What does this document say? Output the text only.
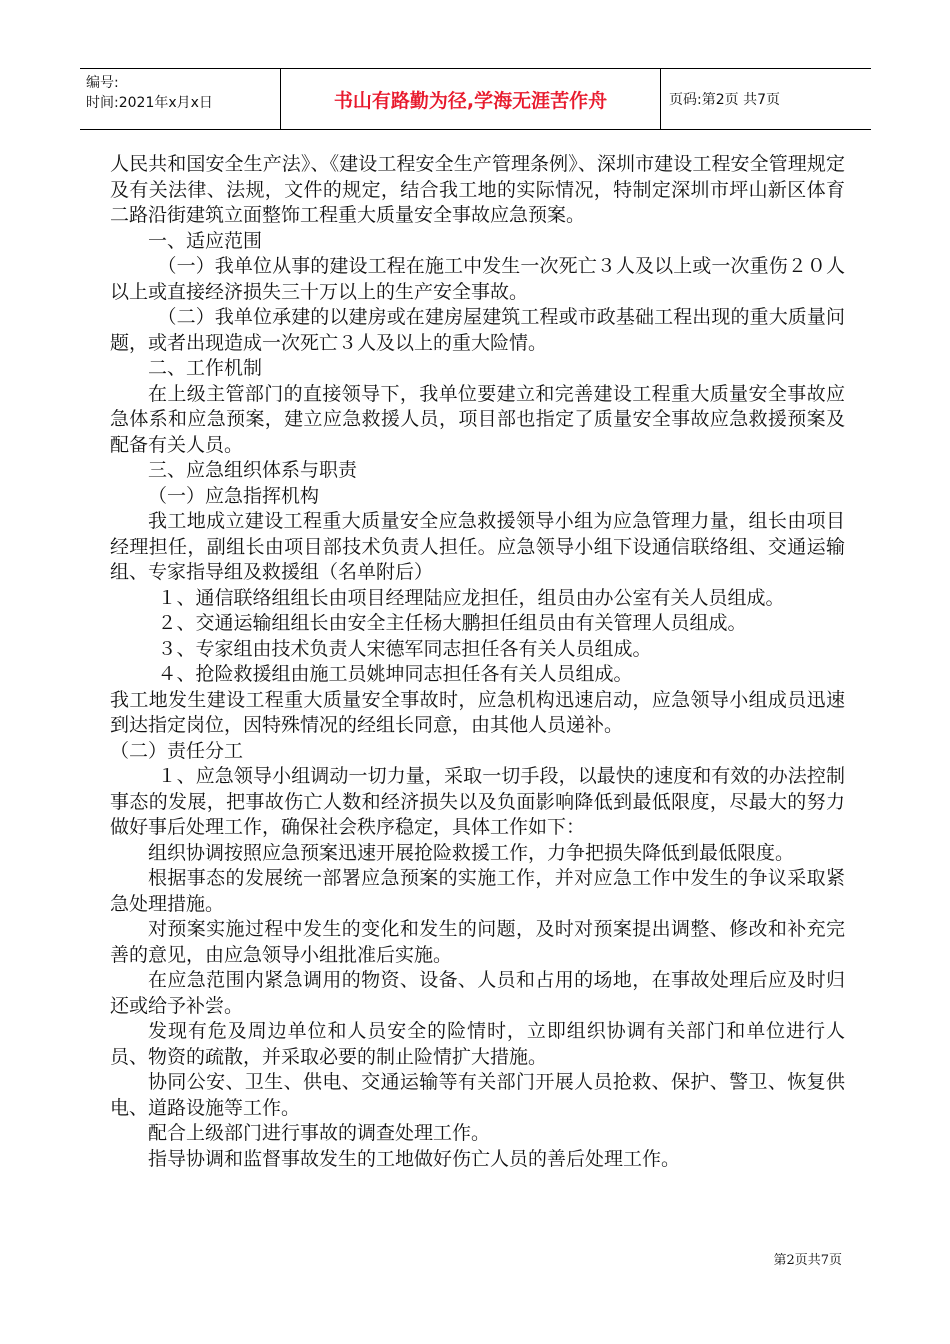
编号:
时间:2021年x月x日	书山有路勤为径,学海无涯苦作舟	页码:第2页 共7页

人民共和国安全生产法》、《建设工程安全生产管理条例》、深圳市建设工程安全管理规定及有关法律、法规，文件的规定，结合我工地的实际情况，特制定深圳市坪山新区体育二路沿街建筑立面整饰工程重大质量安全事故应急预案。

一、适应范围

（一）我单位从事的建设工程在施工中发生一次死亡３人及以上或一次重伤２０人以上或直接经济损失三十万以上的生产安全事故。

（二）我单位承建的以建房或在建房屋建筑工程或市政基础工程出现的重大质量问题，或者出现造成一次死亡３人及以上的重大险情。

二、工作机制

在上级主管部门的直接领导下，我单位要建立和完善建设工程重大质量安全事故应急体系和应急预案，建立应急救援人员，项目部也指定了质量安全事故应急救援预案及配备有关人员。

三、应急组织体系与职责

（一）应急指挥机构

我工地成立建设工程重大质量安全应急救援领导小组为应急管理力量，组长由项目经理担任，副组长由项目部技术负责人担任。应急领导小组下设通信联络组、交通运输组、专家指导组及救援组（名单附后）

１、通信联络组组长由项目经理陆应龙担任，组员由办公室有关人员组成。

２、交通运输组组长由安全主任杨大鹏担任组员由有关管理人员组成。

３、专家组由技术负责人宋德军同志担任各有关人员组成。

４、抢险救援组由施工员姚坤同志担任各有关人员组成。

我工地发生建设工程重大质量安全事故时，应急机构迅速启动，应急领导小组成员迅速到达指定岗位，因特殊情况的经组长同意，由其他人员递补。

（二）责任分工

１、应急领导小组调动一切力量，采取一切手段，以最快的速度和有效的办法控制事态的发展，把事故伤亡人数和经济损失以及负面影响降低到最低限度，尽最大的努力做好事后处理工作，确保社会秩序稳定，具体工作如下：

组织协调按照应急预案迅速开展抢险救援工作，力争把损失降低到最低限度。

根据事态的发展统一部署应急预案的实施工作，并对应急工作中发生的争议采取紧急处理措施。

对预案实施过程中发生的变化和发生的问题，及时对预案提出调整、修改和补充完善的意见，由应急领导小组批准后实施。

在应急范围内紧急调用的物资、设备、人员和占用的场地，在事故处理后应及时归还或给予补尝。

发现有危及周边单位和人员安全的险情时，立即组织协调有关部门和单位进行人员、物资的疏散，并采取必要的制止险情扩大措施。

协同公安、卫生、供电、交通运输等有关部门开展人员抢救、保护、警卫、恢复供电、道路设施等工作。

配合上级部门进行事故的调查处理工作。

指导协调和监督事故发生的工地做好伤亡人员的善后处理工作。

第2页共7页
